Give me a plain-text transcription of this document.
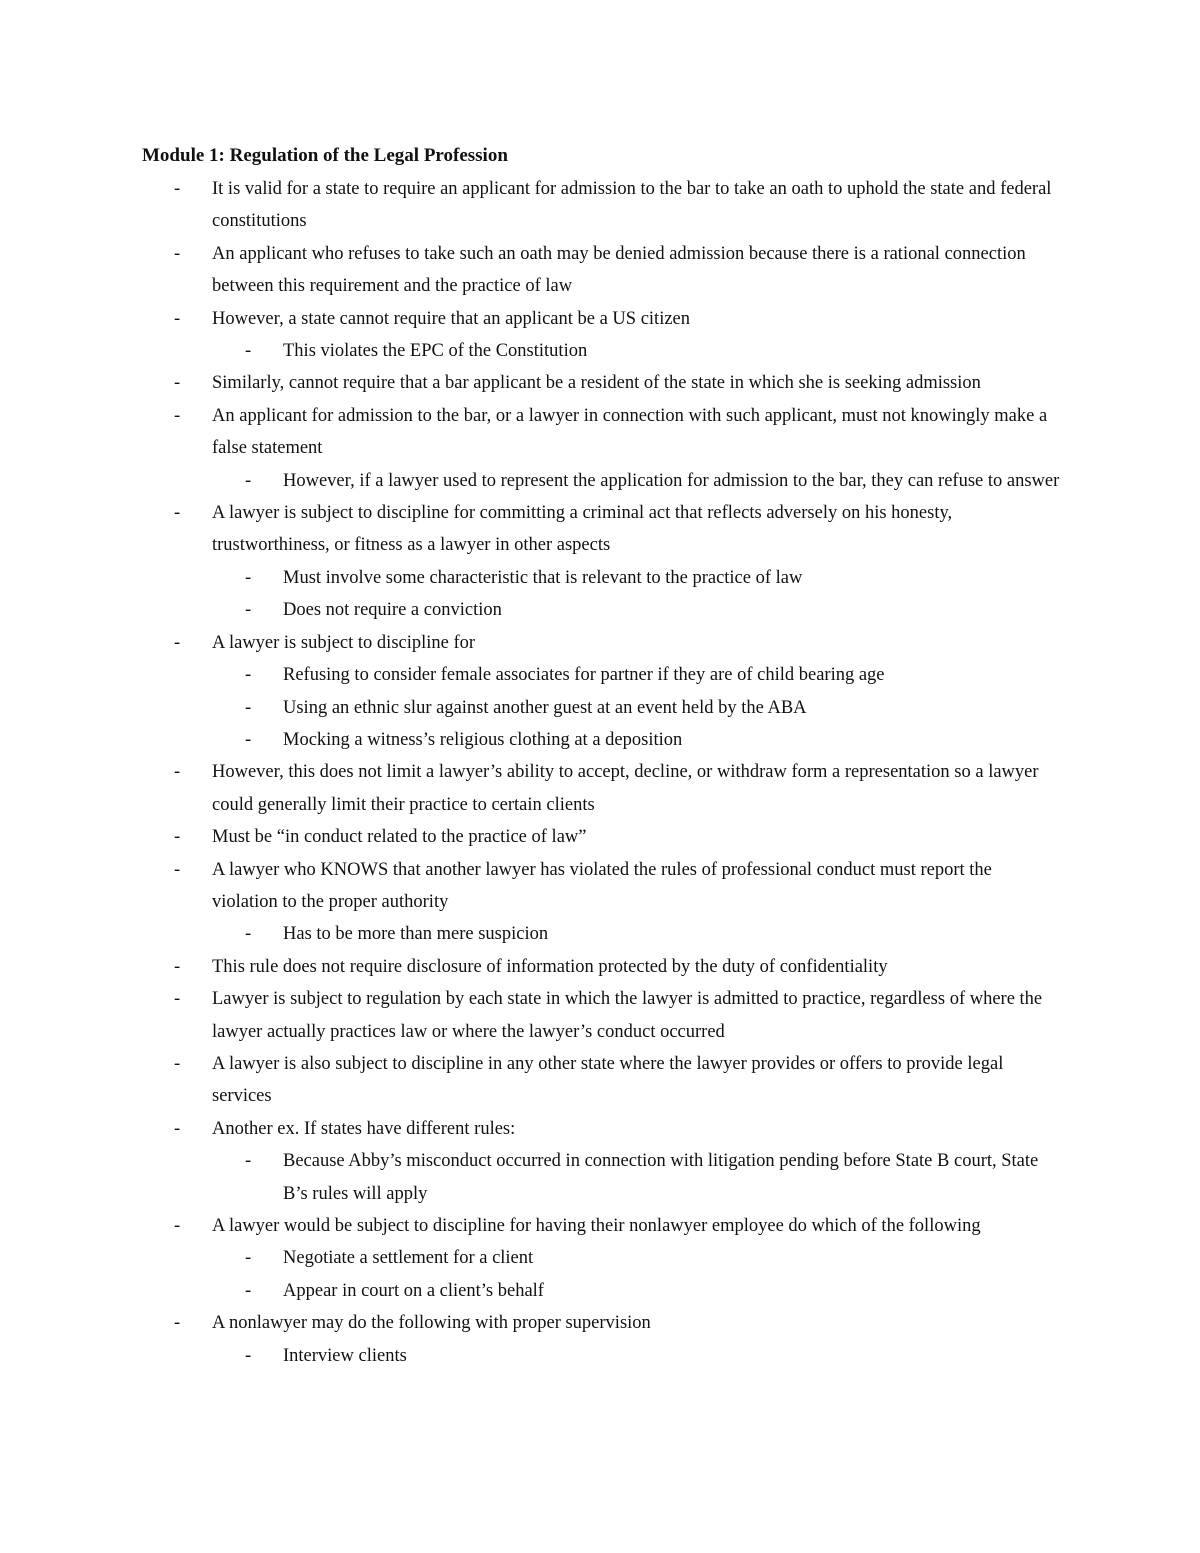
Module 1: Regulation of the Legal Profession
- It is valid for a state to require an applicant for admission to the bar to take an oath to uphold the state and federal constitutions
- An applicant who refuses to take such an oath may be denied admission because there is a rational connection between this requirement and the practice of law
- However, a state cannot require that an applicant be a US citizen
- This violates the EPC of the Constitution
- Similarly, cannot require that a bar applicant be a resident of the state in which she is seeking admission
- An applicant for admission to the bar, or a lawyer in connection with such applicant, must not knowingly make a false statement
- However, if a lawyer used to represent the application for admission to the bar, they can refuse to answer
- A lawyer is subject to discipline for committing a criminal act that reflects adversely on his honesty, trustworthiness, or fitness as a lawyer in other aspects
- Must involve some characteristic that is relevant to the practice of law
- Does not require a conviction
- A lawyer is subject to discipline for
- Refusing to consider female associates for partner if they are of child bearing age
- Using an ethnic slur against another guest at an event held by the ABA
- Mocking a witness’s religious clothing at a deposition
- However, this does not limit a lawyer’s ability to accept, decline, or withdraw form a representation so a lawyer could generally limit their practice to certain clients
- Must be “in conduct related to the practice of law”
- A lawyer who KNOWS that another lawyer has violated the rules of professional conduct must report the violation to the proper authority
- Has to be more than mere suspicion
- This rule does not require disclosure of information protected by the duty of confidentiality
- Lawyer is subject to regulation by each state in which the lawyer is admitted to practice, regardless of where the lawyer actually practices law or where the lawyer’s conduct occurred
- A lawyer is also subject to discipline in any other state where the lawyer provides or offers to provide legal services
- Another ex. If states have different rules:
- Because Abby’s misconduct occurred in connection with litigation pending before State B court, State B’s rules will apply
- A lawyer would be subject to discipline for having their nonlawyer employee do which of the following
- Negotiate a settlement for a client
- Appear in court on a client’s behalf
- A nonlawyer may do the following with proper supervision
- Interview clients
